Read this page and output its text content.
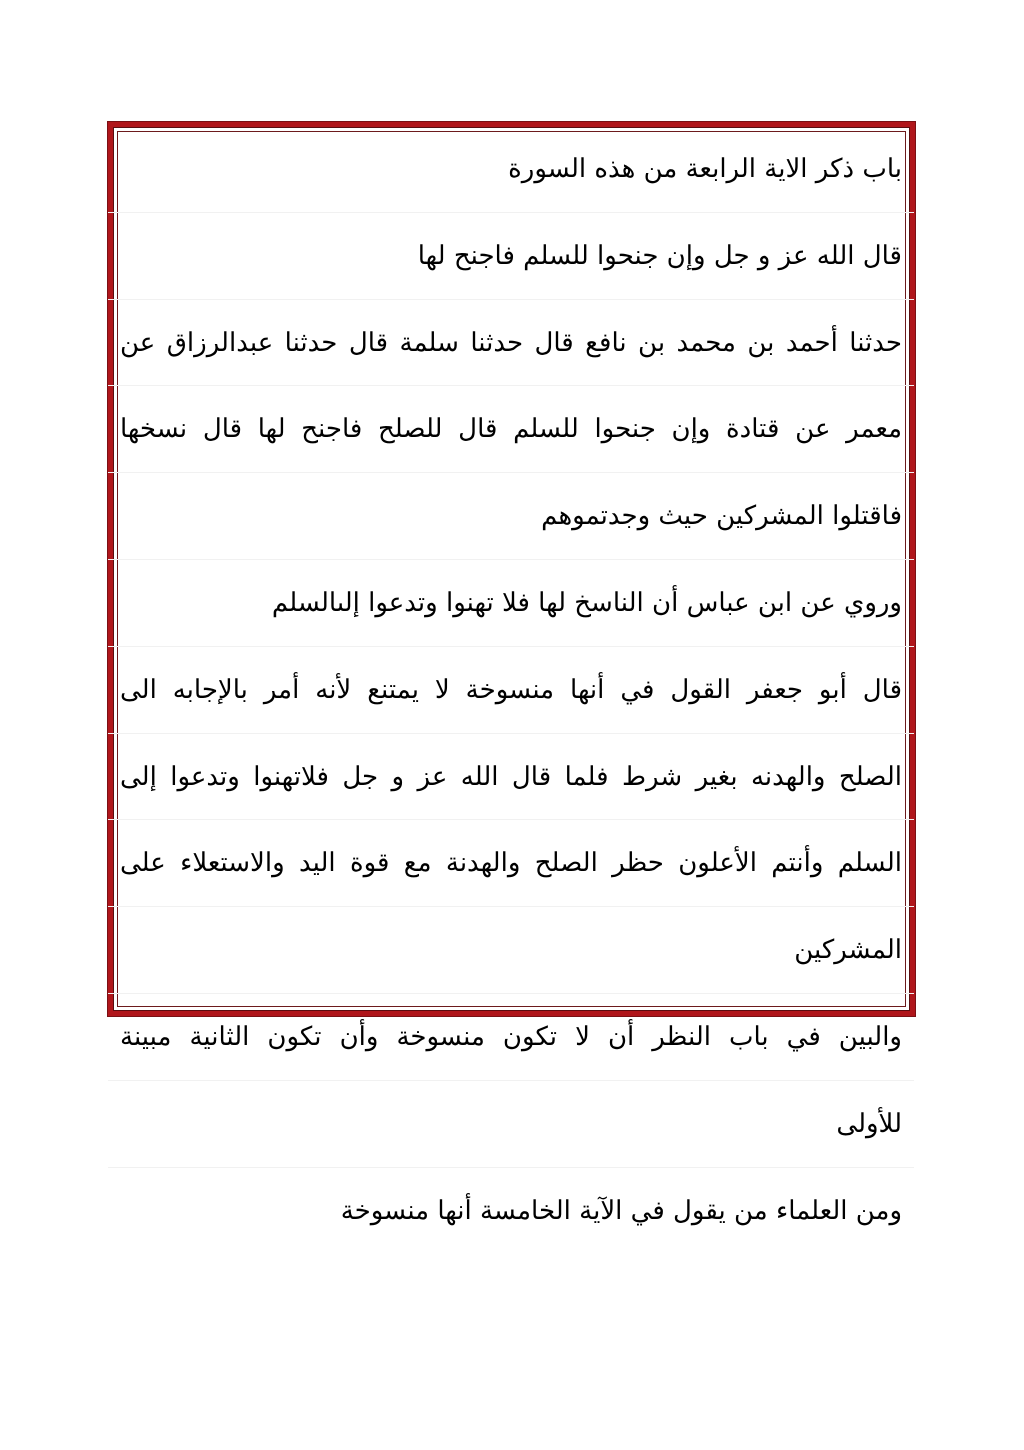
باب ذكر الاية الرابعة من هذه السورة
قال الله عز و جل وإن جنحوا للسلم فاجنح لها
حدثنا أحمد بن محمد بن نافع قال حدثنا سلمة قال حدثنا عبدالرزاق عن
معمر عن قتادة وإن جنحوا للسلم قال للصلح فاجنح لها قال نسخها
فاقتلوا المشركين حيث وجدتموهم
وروي عن ابن عباس أن الناسخ لها فلا تهنوا وتدعوا إلىالسلم
قال أبو جعفر القول في أنها منسوخة لا يمتنع لأنه أمر بالإجابه الى
الصلح والهدنه بغير شرط فلما قال الله عز و جل فلاتهنوا وتدعوا إلى
السلم وأنتم الأعلون حظر الصلح والهدنة مع قوة اليد والاستعلاء على
المشركين
والبين في باب النظر أن لا تكون منسوخة وأن تكون الثانية مبينة
للأولى
ومن العلماء من يقول في الآية الخامسة أنها منسوخة
